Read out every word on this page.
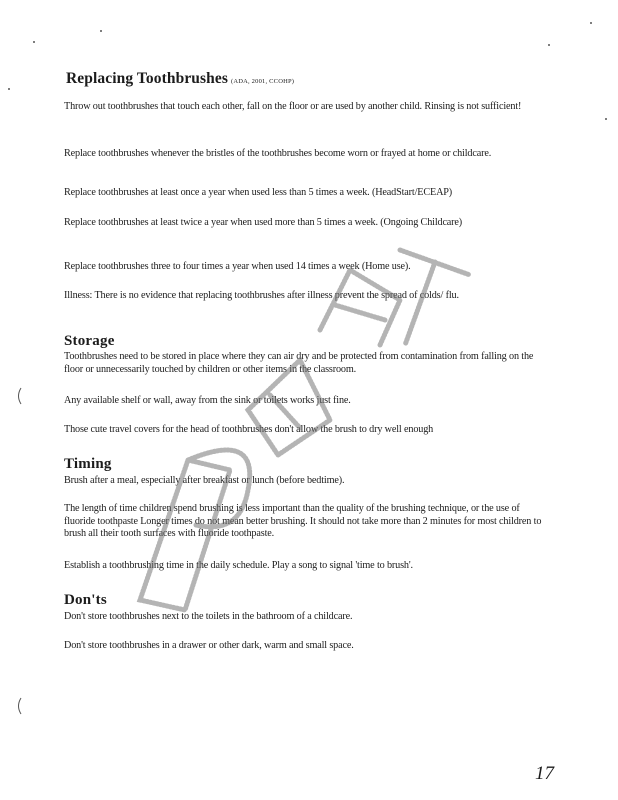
Replacing Toothbrushes (ADA, 2001, CCOHP)
Throw out toothbrushes that touch each other, fall on the floor or are used by another child. Rinsing is not sufficient!
Replace toothbrushes whenever the bristles of the toothbrushes become worn or frayed at home or childcare.
Replace toothbrushes at least once a year when used less than 5 times a week. (HeadStart/ECEAP)
Replace toothbrushes at least twice a year when used more than 5 times a week. (Ongoing Childcare)
Replace toothbrushes three to four times a year when used 14 times a week (Home use).
Illness: There is no evidence that replacing toothbrushes after illness prevent the spread of colds/ flu.
Storage
Toothbrushes need to be stored in place where they can air dry and be protected from contamination from falling on the floor or unnecessarily touched by children or other items in the classroom.
Any available shelf or wall, away from the sink or toilets works just fine.
Those cute travel covers for the head of toothbrushes don't allow the brush to dry well enough
Timing
Brush after a meal, especially after breakfast or lunch (before bedtime).
The length of time children spend brushing is less important than the quality of the brushing technique, or the use of fluoride toothpaste Longer times do not mean better brushing. It should not take more than 2 minutes for most children to brush all their tooth surfaces with fluoride toothpaste.
Establish a toothbrushing time in the daily schedule. Play a song to signal 'time to brush'.
Don'ts
Don't store toothbrushes next to the toilets in the bathroom of a childcare.
Don't store toothbrushes in a drawer or other dark, warm and small space.
17
